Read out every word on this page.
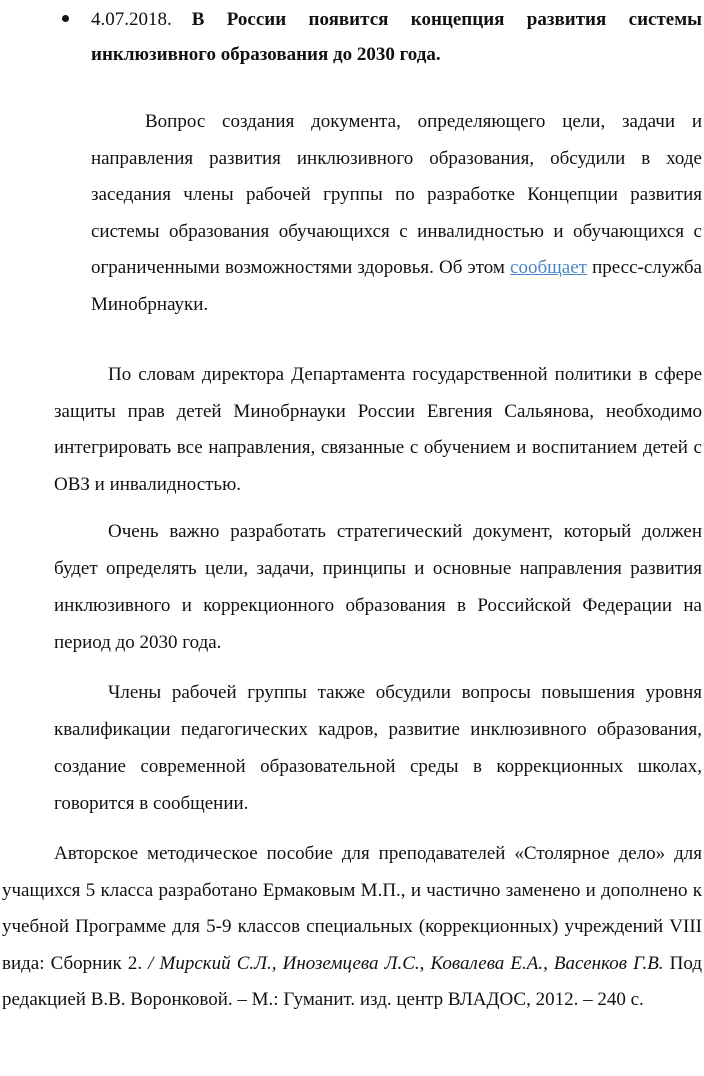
4.07.2018. В России появится концепция развития системы инклюзивного образования до 2030 года.

Вопрос создания документа, определяющего цели, задачи и направления развития инклюзивного образования, обсудили в ходе заседания члены рабочей группы по разработке Концепции развития системы образования обучающихся с инвалидностью и обучающихся с ограниченными возможностями здоровья. Об этом сообщает пресс-служба Минобрнауки.

По словам директора Департамента государственной политики в сфере защиты прав детей Минобрнауки России Евгения Сальянова, необходимо интегрировать все направления, связанные с обучением и воспитанием детей с ОВЗ и инвалидностью.

Очень важно разработать стратегический документ, который должен будет определять цели, задачи, принципы и основные направления развития инклюзивного и коррекционного образования в Российской Федерации на период до 2030 года.

Члены рабочей группы также обсудили вопросы повышения уровня квалификации педагогических кадров, развитие инклюзивного образования, создание современной образовательной среды в коррекционных школах, говорится в сообщении.

Авторское методическое пособие для преподавателей «Столярное дело» для учащихся 5 класса разработано Ермаковым М.П., и частично заменено и дополнено к учебной Программе для 5-9 классов специальных (коррекционных) учреждений VIII вида: Сборник 2. / Мирский С.Л., Иноземцева Л.С., Ковалева Е.А., Васенков Г.В. Под редакцией В.В. Воронковой. – М.: Гуманит. изд. центр ВЛАДОС, 2012. – 240 с.
